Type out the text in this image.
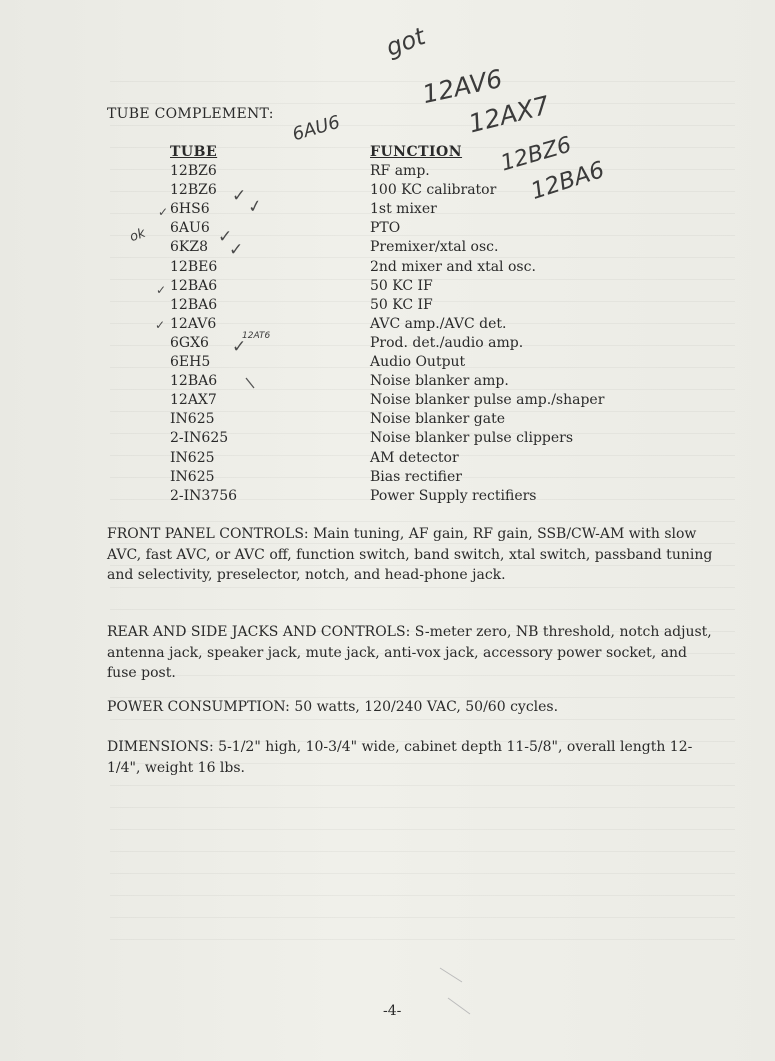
TUBE COMPLEMENT:
TUBE	FUNCTION
12BZ6	RF amp.
12BZ6	100 KC calibrator
6HS6	1st mixer
6AU6	PTO
6KZ8	Premixer/xtal osc.
12BE6	2nd mixer and xtal osc.
12BA6	50 KC IF
12BA6	50 KC IF
12AV6	AVC amp./AVC det.
6GX6	Prod. det./audio amp.
6EH5	Audio Output
12BA6	Noise blanker amp.
12AX7	Noise blanker pulse amp./shaper
IN625	Noise blanker gate
2-IN625	Noise blanker pulse clippers
IN625	AM detector
IN625	Bias rectifier
2-IN3756	Power Supply rectifiers
FRONT PANEL CONTROLS: Main tuning, AF gain, RF gain, SSB/CW-AM with slow AVC, fast AVC, or AVC off, function switch, band switch, xtal switch, passband tuning and selectivity, preselector, notch, and head-phone jack.
REAR AND SIDE JACKS AND CONTROLS: S-meter zero, NB threshold, notch adjust, antenna jack, speaker jack, mute jack, anti-vox jack, accessory power socket, and fuse post.
POWER CONSUMPTION: 50 watts, 120/240 VAC, 50/60 cycles.
DIMENSIONS: 5-1/2" high, 10-3/4" wide, cabinet depth 11-5/8", overall length 12-1/4", weight 16 lbs.
-4-
got
12AV6
12AX7
6AU6
12BZ6
12BA6
12AT6
ok
✓ ✓
✓
✓
✓
✓
✓
✓
